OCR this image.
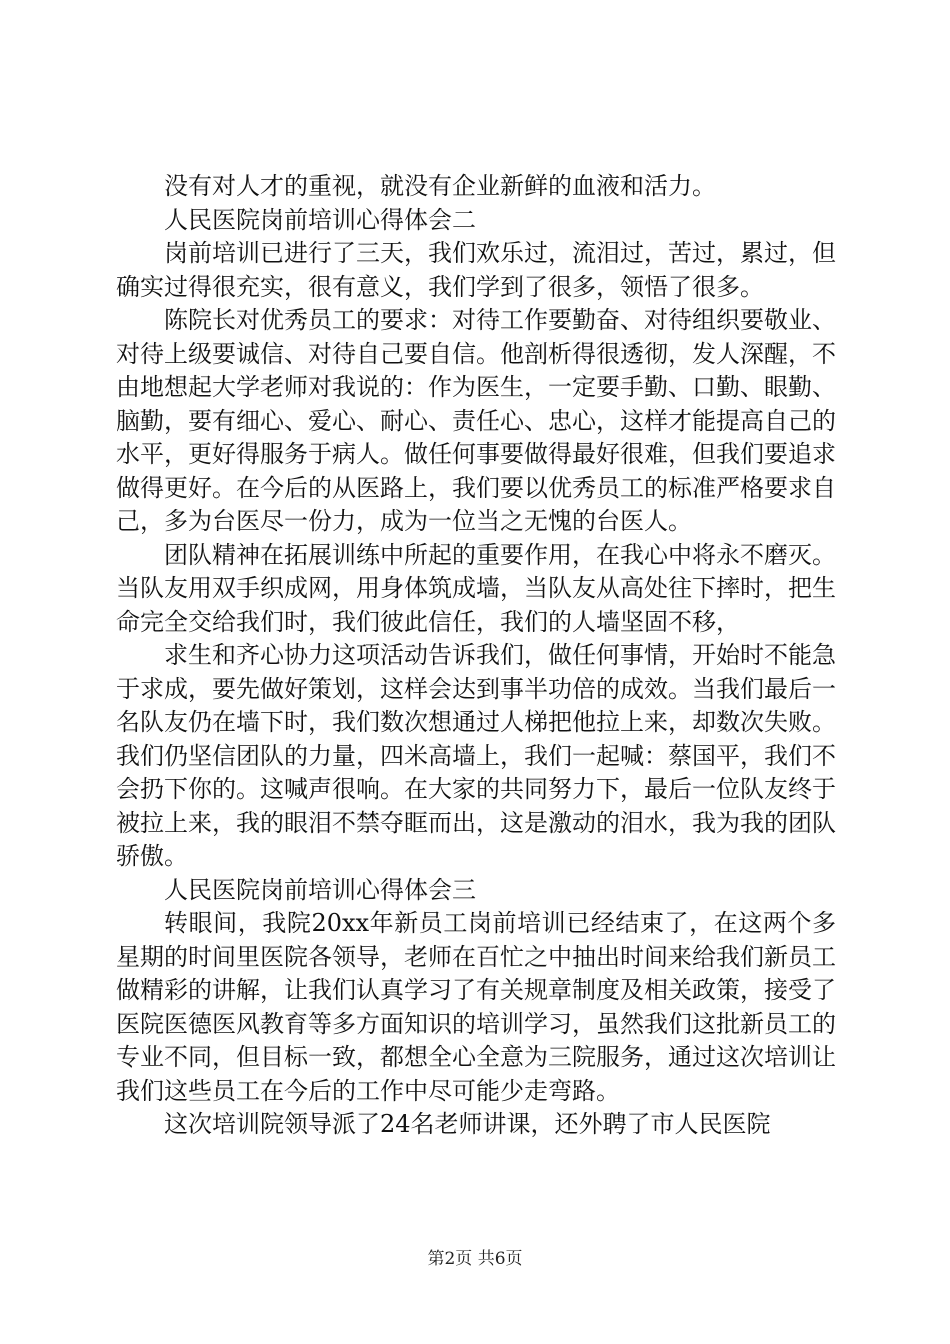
没有对人才的重视，就没有企业新鲜的血液和活力。

人民医院岗前培训心得体会二

岗前培训已进行了三天，我们欢乐过，流泪过，苦过，累过，但确实过得很充实，很有意义，我们学到了很多，领悟了很多。

陈院长对优秀员工的要求：对待工作要勤奋、对待组织要敬业、对待上级要诚信、对待自己要自信。他剖析得很透彻，发人深醒，不由地想起大学老师对我说的：作为医生，一定要手勤、口勤、眼勤、脑勤，要有细心、爱心、耐心、责任心、忠心，这样才能提高自己的水平，更好得服务于病人。做任何事要做得最好很难，但我们要追求做得更好。在今后的从医路上，我们要以优秀员工的标准严格要求自己，多为台医尽一份力，成为一位当之无愧的台医人。

团队精神在拓展训练中所起的重要作用，在我心中将永不磨灭。当队友用双手织成网，用身体筑成墙，当队友从高处往下摔时，把生命完全交给我们时，我们彼此信任，我们的人墙坚固不移，

求生和齐心协力这项活动告诉我们，做任何事情，开始时不能急于求成，要先做好策划，这样会达到事半功倍的成效。当我们最后一名队友仍在墙下时，我们数次想通过人梯把他拉上来，却数次失败。我们仍坚信团队的力量，四米高墙上，我们一起喊：蔡国平，我们不会扔下你的。这喊声很响。在大家的共同努力下，最后一位队友终于被拉上来，我的眼泪不禁夺眶而出，这是激动的泪水，我为我的团队骄傲。

人民医院岗前培训心得体会三

转眼间，我院20xx年新员工岗前培训已经结束了，在这两个多星期的时间里医院各领导，老师在百忙之中抽出时间来给我们新员工做精彩的讲解，让我们认真学习了有关规章制度及相关政策，接受了医院医德医风教育等多方面知识的培训学习，虽然我们这批新员工的专业不同，但目标一致，都想全心全意为三院服务，通过这次培训让我们这些员工在今后的工作中尽可能少走弯路。

这次培训院领导派了24名老师讲课，还外聘了市人民医院

第2页 共6页
